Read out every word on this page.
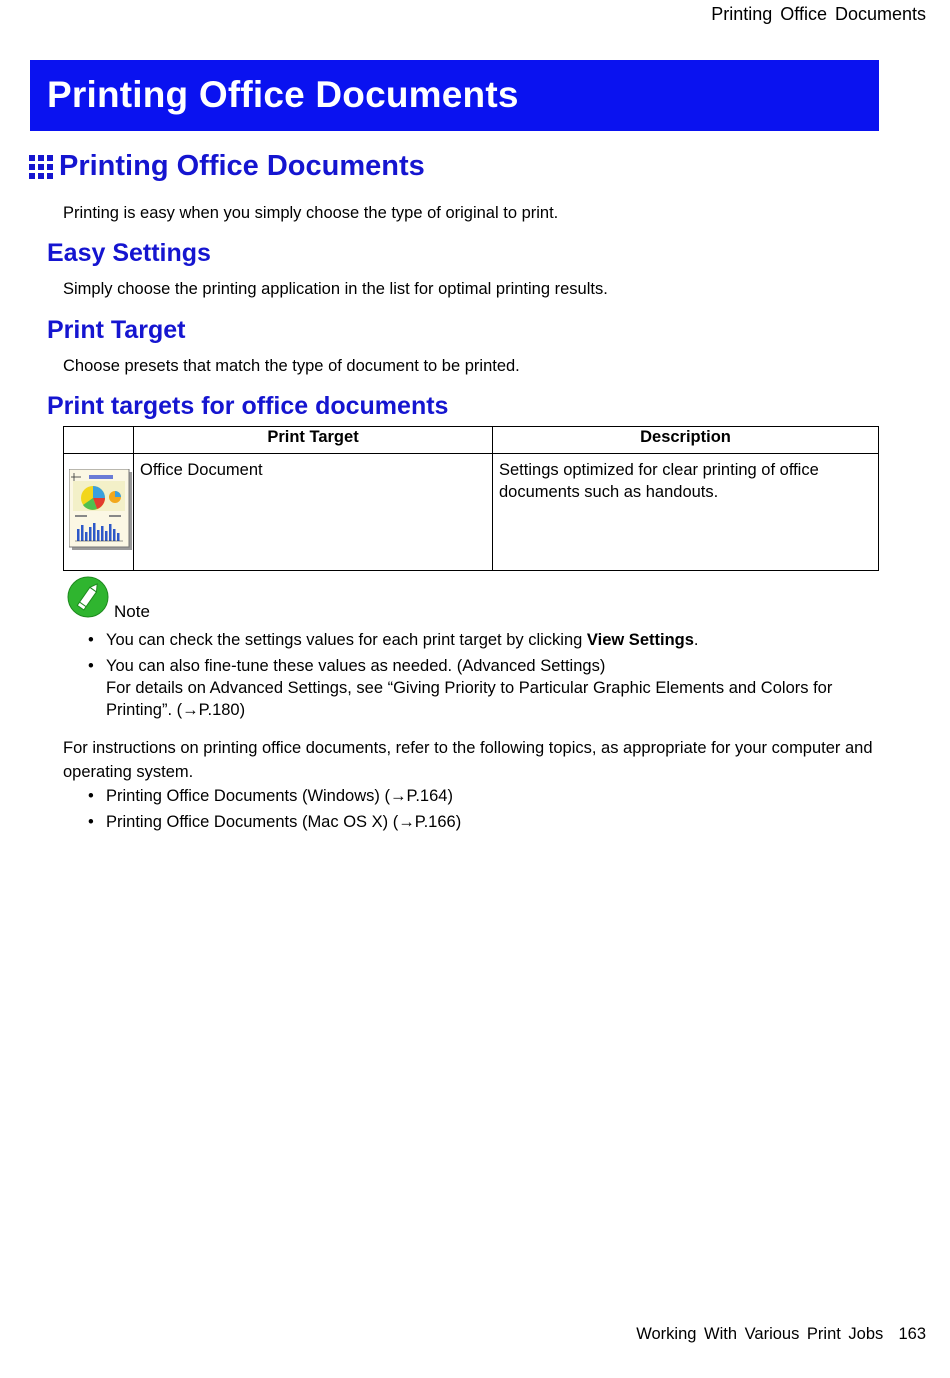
Printing Office Documents
Printing Office Documents
Printing Office Documents
Printing is easy when you simply choose the type of original to print.
Easy Settings
Simply choose the printing application in the list for optimal printing results.
Print Target
Choose presets that match the type of document to be printed.
Print targets for office documents
	Print Target	Description

	Office Document	Settings optimized for clear printing of office documents such as handouts.
Note
• You can check the settings values for each print target by clicking View Settings.
• You can also fine-tune these values as needed. (Advanced Settings)
For details on Advanced Settings, see “Giving Priority to Particular Graphic Elements and Colors for Printing”. (→P.180)
For instructions on printing office documents, refer to the following topics, as appropriate for your computer and operating system.
• Printing Office Documents (Windows) (→P.164)
• Printing Office Documents (Mac OS X) (→P.166)
Working With Various Print Jobs 163
